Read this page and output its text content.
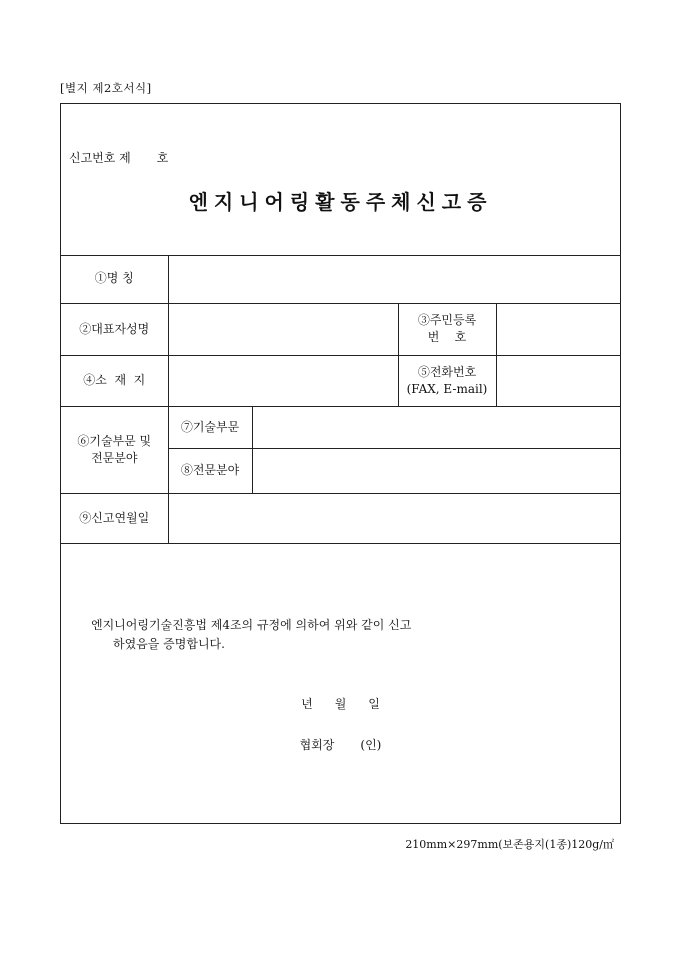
[별지 제2호서식]
신고번호 제 호
엔지니어링활동주체신고증
①명 칭				

②대표자성명			③주민등록
번    호	

④소  재  지			⑤전화번호
(FAX, E-mail)	

⑥기술부문 및
전문분야	⑦기술부문			

	⑧전문분야			

⑨신고연월일				

엔지니어링기술진흥법 제4조의 규정에 의하여 위와 같이 신고
하였음을 증명합니다.
년 월 일
협회장 (인)
210mm×297mm(보존용지(1종)120g/㎡
